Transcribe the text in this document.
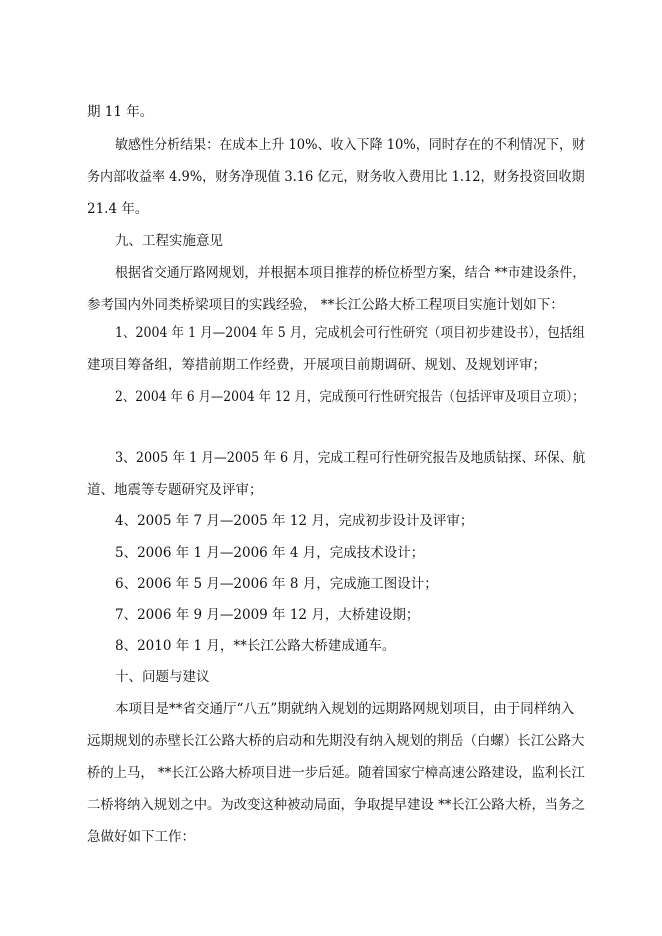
期 11 年。
敏感性分析结果：在成本上升 10%、收入下降 10%，同时存在的不利情况下，财
务内部收益率 4.9%，财务净现值 3.16 亿元，财务收入费用比 1.12，财务投资回收期
21.4 年。
九、工程实施意见
根据省交通厅路网规划，并根据本项目推荐的桥位桥型方案，结合 **市建设条件，
参考国内外同类桥梁项目的实践经验， **长江公路大桥工程项目实施计划如下：
1、2004 年 1 月—2004 年 5 月，完成机会可行性研究（项目初步建设书），包括组
建项目筹备组，筹措前期工作经费，开展项目前期调研、规划、及规划评审；
2、2004 年 6 月—2004 年 12 月，完成预可行性研究报告（包括评审及项目立项）；
3、2005 年 1 月—2005 年 6 月，完成工程可行性研究报告及地质钻探、环保、航
道、地震等专题研究及评审；
4、2005 年 7 月—2005 年 12 月，完成初步设计及评审；
5、2006 年 1 月—2006 年 4 月，完成技术设计；
6、2006 年 5 月—2006 年 8 月，完成施工图设计；
7、2006 年 9 月—2009 年 12 月，大桥建设期；
8、2010 年 1 月，**长江公路大桥建成通车。
十、问题与建议
本项目是**省交通厅“八五”期就纳入规划的远期路网规划项目，由于同样纳入
远期规划的赤壁长江公路大桥的启动和先期没有纳入规划的荆岳（白螺）长江公路大
桥的上马， **长江公路大桥项目进一步后延。随着国家宁樟高速公路建设，监利长江
二桥将纳入规划之中。为改变这种被动局面，争取提早建设 **长江公路大桥，当务之
急做好如下工作：
